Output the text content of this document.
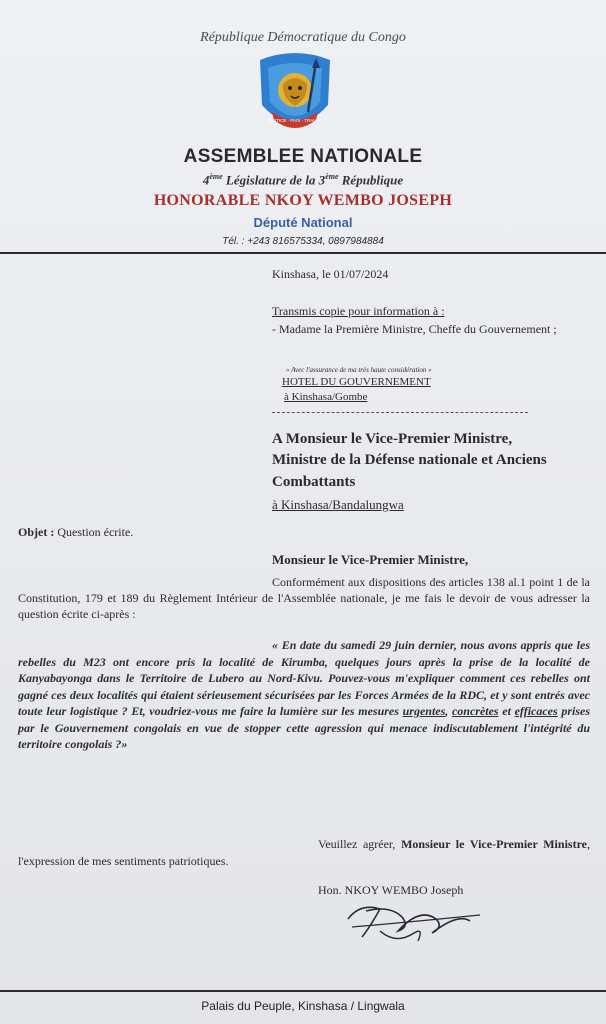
République Démocratique du Congo
JUSTICE · PAIX · TRAVAIL
ASSEMBLEE NATIONALE
4ème Législature de la 3ème République
HONORABLE NKOY WEMBO JOSEPH
Député National
Tél. : +243 816575334, 0897984884
Kinshasa, le 01/07/2024
Transmis copie pour information à :
- Madame la Première Ministre, Cheffe du Gouvernement ;
« Avec l'assurance de ma très haute considération »
HOTEL DU GOUVERNEMENT
à Kinshasa/Gombe
A Monsieur le Vice-Premier Ministre,
Ministre de la Défense nationale et Anciens
Combattants
à Kinshasa/Bandalungwa
Objet : Question écrite.
Monsieur le Vice-Premier Ministre,
Conformément aux dispositions des articles 138 al.1 point 1 de la Constitution, 179 et 189 du Règlement Intérieur de l'Assemblée nationale, je me fais le devoir de vous adresser la question écrite ci-après :
« En date du samedi 29 juin dernier, nous avons appris que les rebelles du M23 ont encore pris la localité de Kirumba, quelques jours après la prise de la localité de Kanyabayonga dans le Territoire de Lubero au Nord-Kivu. Pouvez-vous m'expliquer comment ces rebelles ont gagné ces deux localités qui étaient sérieusement sécurisées par les Forces Armées de la RDC, et y sont entrés avec toute leur logistique ? Et, voudriez-vous me faire la lumière sur les mesures urgentes, concrètes et efficaces prises par le Gouvernement congolais en vue de stopper cette agression qui menace indiscutablement l'intégrité du territoire congolais ?»
Veuillez agréer, Monsieur le Vice-Premier Ministre, l'expression de mes sentiments patriotiques.
Hon. NKOY WEMBO Joseph
Palais du Peuple, Kinshasa / Lingwala
